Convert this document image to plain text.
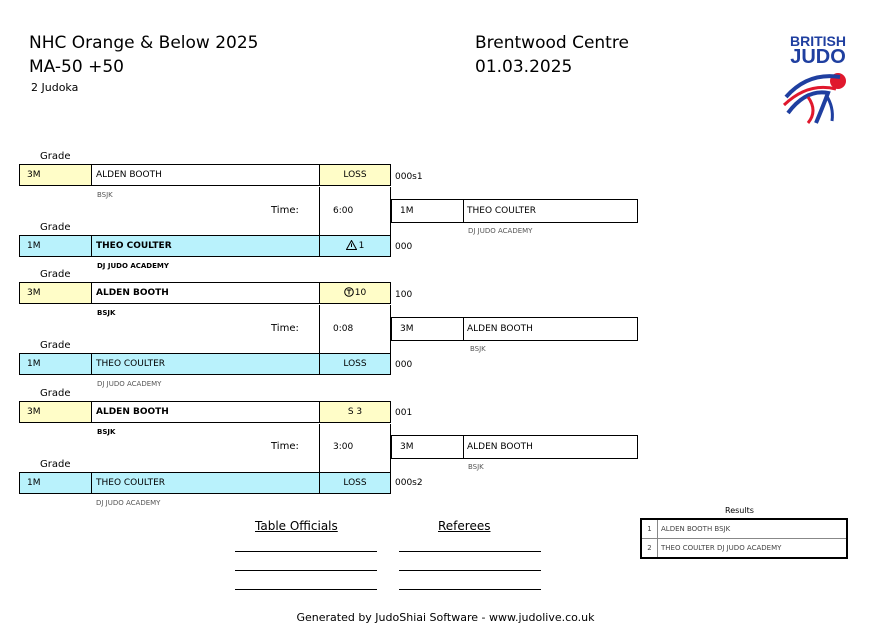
NHC Orange & Below 2025
MA-50 +50
2 Judoka
Brentwood Centre
01.03.2025
BRITISH
JUDO
Grade
3M	ALDEN BOOTH	LOSS
BSJK
000s1
Time:	6:00	1M	THEO COULTER
DJ JUDO ACADEMY
Grade
1M	THEO COULTER	1
DJ JUDO ACADEMY
000
Grade
3M	ALDEN BOOTH	10
BSJK
100
Time:	0:08	3M	ALDEN BOOTH
BSJK
Grade
1M	THEO COULTER	LOSS
DJ JUDO ACADEMY
000
Grade
3M	ALDEN BOOTH	S 3
BSJK
001
Time:	3:00	3M	ALDEN BOOTH
BSJK
Grade
1M	THEO COULTER	LOSS
DJ JUDO ACADEMY
000s2
Results
1	ALDEN BOOTH BSJK
2	THEO COULTER DJ JUDO ACADEMY
Table Officials	Referees
Generated by JudoShiai Software - www.judolive.co.uk
